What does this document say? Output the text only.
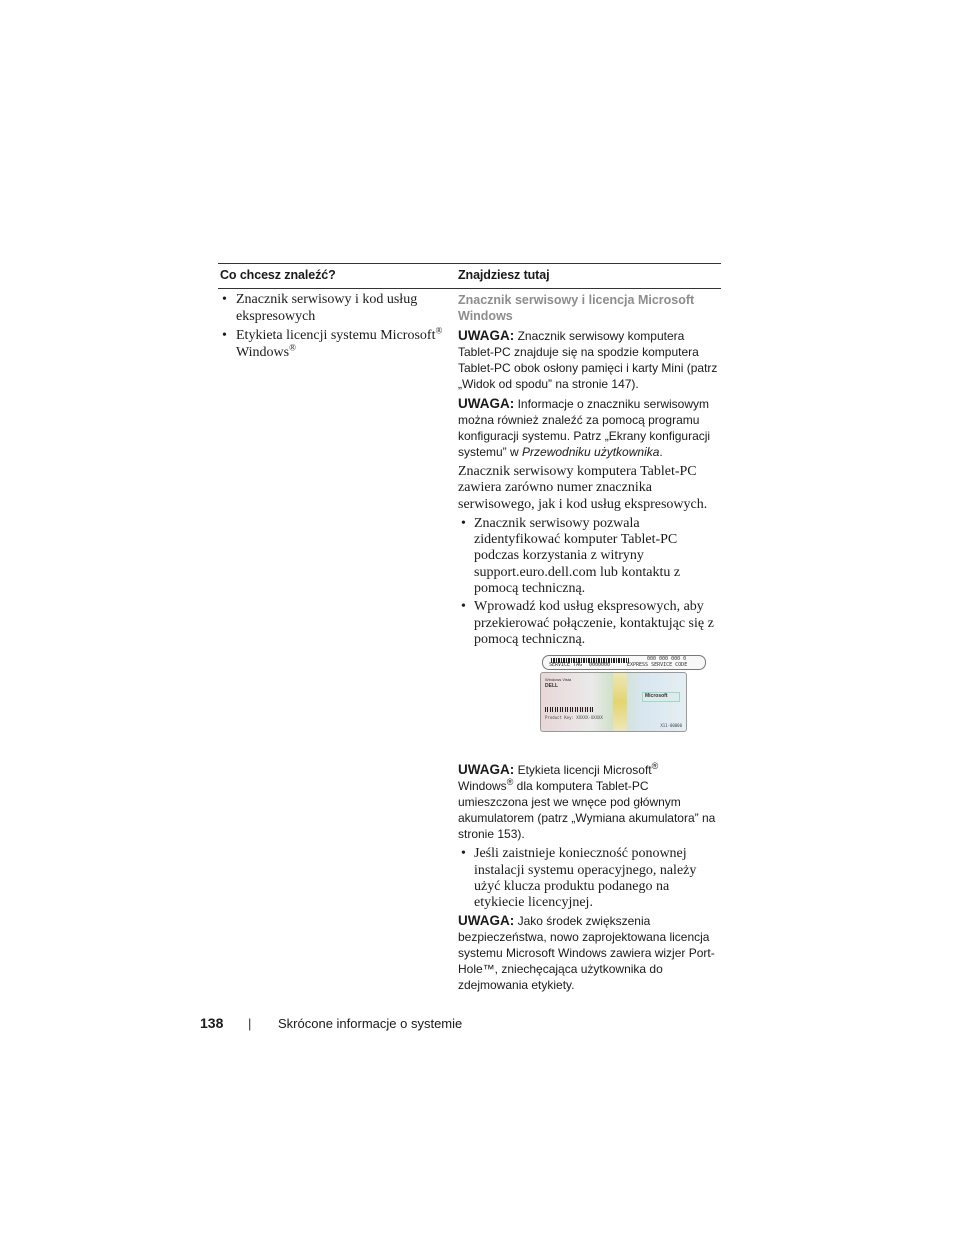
Co chcesz znaleźć?	Znajdziesz tutaj
• Znacznik serwisowy i kod usług ekspresowych
• Etykieta licencji systemu Microsoft® Windows®
Znacznik serwisowy i licencja Microsoft Windows
UWAGA: Znacznik serwisowy komputera Tablet-PC znajduje się na spodzie komputera Tablet-PC obok osłony pamięci i karty Mini (patrz „Widok od spodu” na stronie 147).
UWAGA: Informacje o znaczniku serwisowym można również znaleźć za pomocą programu konfiguracji systemu. Patrz „Ekrany konfiguracji systemu” w Przewodniku użytkownika.
Znacznik serwisowy komputera Tablet-PC zawiera zarówno numer znacznika serwisowego, jak i kod usług ekspresowych.
• Znacznik serwisowy pozwala zidentyfikować komputer Tablet-PC podczas korzystania z witryny support.euro.dell.com lub kontaktu z pomocą techniczną.
• Wprowadź kod usług ekspresowych, aby przekierować połączenie, kontaktując się z pomocą techniczną.
000 000 000 0
SERVICE TAG 0000000	EXPRESS SERVICE CODE
Windows Vista
DELL
Microsoft
Product Key: XXXXX-XXXXX
X11-00000
UWAGA: Etykieta licencji Microsoft®
Windows® dla komputera Tablet-PC umieszczona jest we wnęce pod głównym akumulatorem (patrz „Wymiana akumulatora” na stronie 153).
• Jeśli zaistnieje konieczność ponownej instalacji systemu operacyjnego, należy użyć klucza produktu podanego na etykiecie licencyjnej.
UWAGA: Jako środek zwiększenia bezpieczeństwa, nowo zaprojektowana licencja systemu Microsoft Windows zawiera wizjer Port-Hole™, zniechęcająca użytkownika do zdejmowania etykiety.
138 | Skrócone informacje o systemie
